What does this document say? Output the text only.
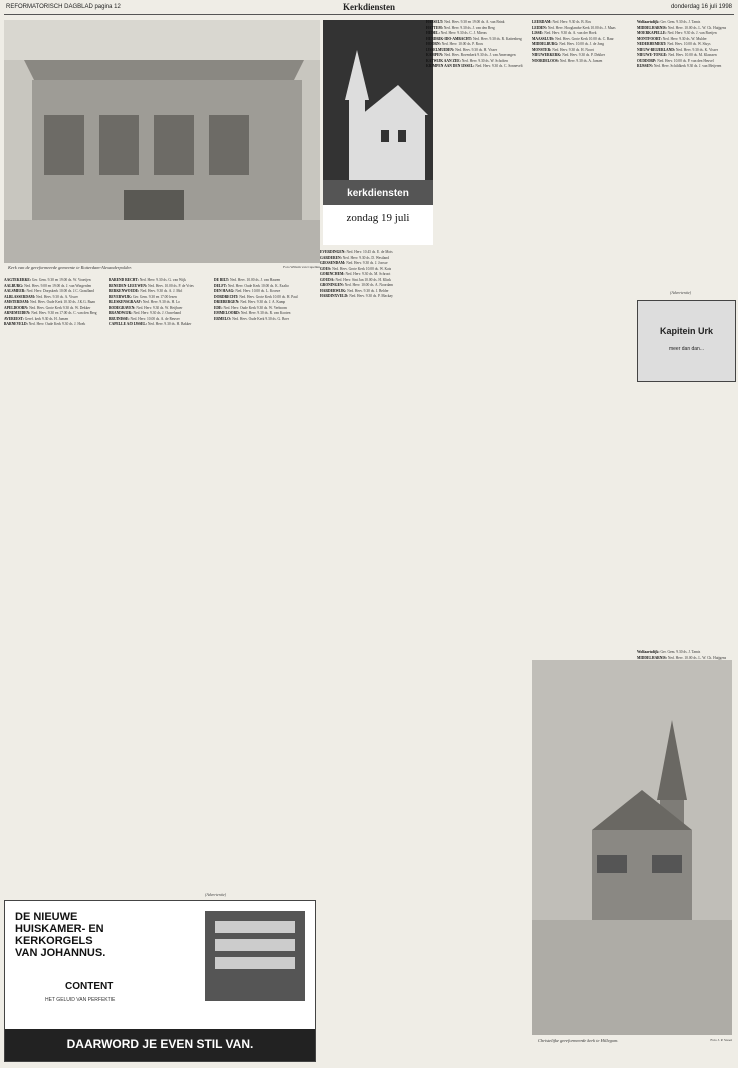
REFORMATORISCH DAGBLAD pagina 12	Kerkdiensten	donderdag 16 juli 1998
Kerk van de gereformeerde gemeente te Rotterdam-Alexanderpolder.	Foto Willem van Capellen
kerkdiensten
zondag 19 juli

AAGTEKERKE: Ger. Gem. 9.30 en 19.00 ds. W. Vooeijen

AALBURG: Ned. Herv. 9.00 en 19.00 ds. J. van Wingerden

AALSMEER: Ned. Herv. Dorpskerk 10.00 ds. J.C. Graafland

ALBLASSERDAM: Ned. Herv. 9.30 ds. A. Visser

AMSTERDAM: Ned. Herv. Oude Kerk 10.30 ds. J.K.G. Baan

APELDOORN: Ned. Herv. Grote Kerk 9.30 ds. W. Dekker

ARNEMUIDEN: Ned. Herv. 9.30 en 17.00 ds. C. van den Berg

AVEREEST: Geref. kerk 9.30 ds. H. Jansen

BARNEVELD: Ned. Herv. Oude Kerk 9.30 ds. J. Hoek

BAREND RECHT: Ned. Herv. 9.30 ds. G. van Wijk

BENEDEN-LEEUWEN: Ned. Herv. 10.00 ds. P. de Vries

BERKENWOUDE: Ned. Herv. 9.30 ds. A. J. Mol

BEVERWIJK: Ger. Gem. 9.30 en 17.00 lezen

BLESKENSGRAAF: Ned. Herv. 9.30 ds. H. Lo

BODEGRAVEN: Ned. Herv. 9.30 ds. W. Heijboer

BRANDWIJK: Ned. Herv. 9.30 ds. J. Ouwehand

BRUINISSE: Ned. Herv. 10.00 ds. A. de Reuver

CAPELLE A/D IJSSEL: Ned. Herv. 9.30 ds. H. Bakker

DE BILT: Ned. Herv. 10.00 ds. J. van Haaren

DELFT: Ned. Herv. Oude Kerk 10.00 ds. K. Exalto

DEN HAAG: Ned. Herv. 10.00 ds. L. Kroeze

DORDRECHT: Ned. Herv. Grote Kerk 10.00 ds. H. Paul

DRIEBERGEN: Ned. Herv. 9.30 ds. J. A. Kamp

EDE: Ned. Herv. Oude Kerk 9.30 ds. W. Verboom

EMMELOORD: Ned. Herv. 9.30 ds. R. van Kooten

ERMELO: Ned. Herv. Oude Kerk 9.30 ds. G. Boer

EVERDINGEN: Ned. Herv. 10.45 ds. E. de Mots

GARDEREN: Ned. Herv. 9.30 ds. D. Westland

GIESSENDAM: Ned. Herv. 9.30 ds. J. Joosse

GOES: Ned. Herv. Grote Kerk 10.00 ds. W. Kats

GORINCHEM: Ned. Herv. 9.30 ds. M. Schroot

GOUDA: Ned. Herv. Sint Jan 10.00 ds. H. Klink

GRONINGEN: Ned. Herv. 10.00 ds. A. Noordam

HARDERWIJK: Ned. Herv. 9.30 ds. J. Belder

HARDINXVELD: Ned. Herv. 9.30 ds. P. Mackay

HASSELT: Ned. Herv. 9.30 en 19.00 ds. A. van Brink

HATTEM: Ned. Herv. 9.30 ds. J. van den Berg

HEDEL: Ned. Herv. 9.30 ds. C. J. Mieras

HENDRIK-IDO-AMBACHT: Ned. Herv. 9.30 ds. R. Kattenberg

HOORN: Ned. Herv. 10.00 ds. P. Roos

IJSSELMUIDEN: Ned. Herv. 9.30 ds. H. Visser

KAMPEN: Ned. Herv. Bovenkerk 9.30 ds. J. van Amerongen

KATWIJK AAN ZEE: Ned. Herv. 9.30 ds. W. Scholten

KRIMPEN AAN DEN IJSSEL: Ned. Herv. 9.30 ds. C. Sonnevelt

LEERDAM: Ned. Herv. 9.30 ds. B. Ros

LEIDEN: Ned. Herv. Hooglandse Kerk 10.00 ds. J. Maas

LISSE: Ned. Herv. 9.30 ds. A. van der Hoek

MAASSLUIS: Ned. Herv. Grote Kerk 10.00 ds. C. Baar

MIDDELBURG: Ned. Herv. 10.00 ds. J. de Jong

MONSTER: Ned. Herv. 9.30 ds. H. Noort

NIEUWERKERK: Ned. Herv. 9.30 ds. P. Dekker

NOORDELOOS: Ned. Herv. 9.30 ds. A. Jansen

Wolfaartsdijk: Ger. Gem. 9.30 ds. J. Tamis

MIDDELHARNIS: Ned. Herv. 10.00 ds. L. W. Ch. Huijgens

MOERKAPELLE: Ned. Herv. 9.30 ds. J. van Boeijen

MONTFOORT: Ned. Herv. 9.30 ds. W. Mulder

NEDERHEMERT: Ned. Herv. 10.00 ds. W. Sluys

NIEUW-BEIJERLAND: Ned. Herv. 9.30 ds. K. Visser

NIEUWE-TONGE: Ned. Herv. 10.00 ds. M. Klaassen

OUDDORP: Ned. Herv. 10.00 ds. P. van den Heuvel

RIJSSEN: Ned. Herv. Schildkerk 9.30 ds. J. van Meijeren

Wolfaartsdijk: Ger. Gem. 9.30 ds. J. Tamis

MIDDELHARNIS: Ned. Herv. 10.00 ds. L. W. Ch. Huijgens

(Advertentie)
DE NIEUWE
HUISKAMER- EN
KERKORGELS
VAN JOHANNUS.
CONTENT
HET GELUID VAN PERFEKTIE
DAARWORD JE EVEN STIL VAN.
(Advertentie)
Kapitein Urk
meer dan dan...
Christelijke gereformeerde kerk te Hillegom.	Foto J. P. Snoei
